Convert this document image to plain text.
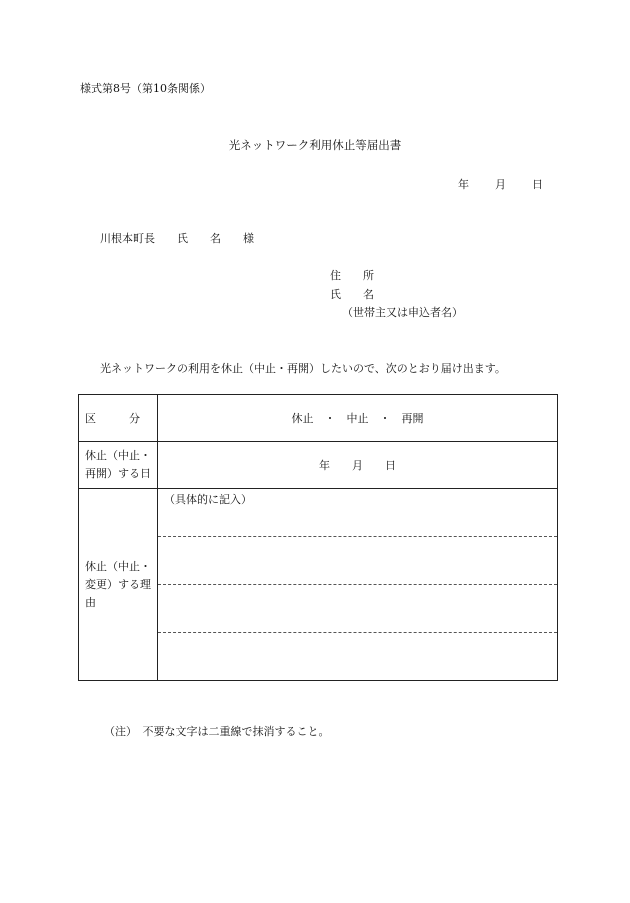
様式第8号（第10条関係）
光ネットワーク利用休止等届出書
年 月 日
川根本町長　　氏　　名　　様
住　　所
氏　　名
（世帯主又は申込者名）
光ネットワークの利用を休止（中止・再開）したいので、次のとおり届け出ます。
区　　　分	休止　・　中止　・　再開

休止（中止・
再開）する日	年　　月　　日

休止（中止・
変更）する理
由	（具体的に記入）
（注）　不要な文字は二重線で抹消すること。
